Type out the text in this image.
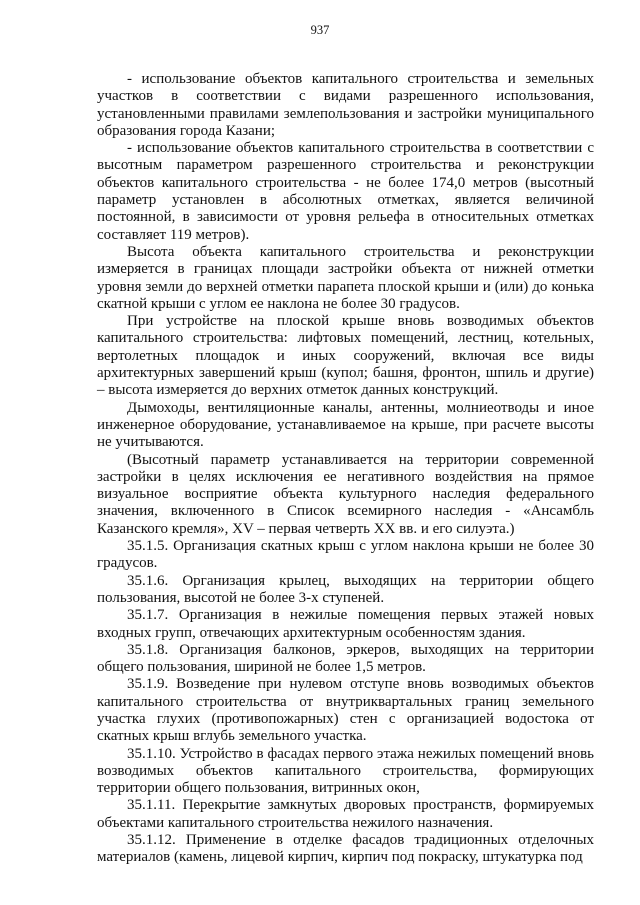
937

- использование объектов капитального строительства и земельных участков в соответствии с видами разрешенного использования, установленными правилами землепользования и застройки муниципального образования города Казани;

- использование объектов капитального строительства в соответствии с высотным параметром разрешенного строительства и реконструкции объектов капитального строительства - не более 174,0 метров (высотный параметр установлен в абсолютных отметках, является величиной постоянной, в зависимости от уровня рельефа в относительных отметках составляет 119 метров).

Высота объекта капитального строительства и реконструкции измеряется в границах площади застройки объекта от нижней отметки уровня земли до верхней отметки парапета плоской крыши и (или) до конька скатной крыши с углом ее наклона не более 30 градусов.

При устройстве на плоской крыше вновь возводимых объектов капитального строительства: лифтовых помещений, лестниц, котельных, вертолетных площадок и иных сооружений, включая все виды архитектурных завершений крыш (купол; башня, фронтон, шпиль и другие) – высота измеряется до верхних отметок данных конструкций.

Дымоходы, вентиляционные каналы, антенны, молниеотводы и иное инженерное оборудование, устанавливаемое на крыше, при расчете высоты не учитываются.

(Высотный параметр устанавливается на территории современной застройки в целях исключения ее негативного воздействия на прямое визуальное восприятие объекта культурного наследия федерального значения, включенного в Список всемирного наследия - «Ансамбль Казанского кремля», XV – первая четверть XX вв. и его силуэта.)

35.1.5. Организация скатных крыш с углом наклона крыши не более 30 градусов.

35.1.6. Организация крылец, выходящих на территории общего пользования, высотой не более 3-х ступеней.

35.1.7. Организация в нежилые помещения первых этажей новых входных групп, отвечающих архитектурным особенностям здания.

35.1.8. Организация балконов, эркеров, выходящих на территории общего пользования, шириной не более 1,5 метров.

35.1.9. Возведение при нулевом отступе вновь возводимых объектов капитального строительства от внутриквартальных границ земельного участка глухих (противопожарных) стен с организацией водостока от скатных крыш вглубь земельного участка.

35.1.10. Устройство в фасадах первого этажа нежилых помещений вновь возводимых объектов капитального строительства, формирующих территории общего пользования, витринных окон,

35.1.11. Перекрытие замкнутых дворовых пространств, формируемых объектами капитального строительства нежилого назначения.

35.1.12. Применение в отделке фасадов традиционных отделочных материалов (камень, лицевой кирпич, кирпич под покраску, штукатурка под
